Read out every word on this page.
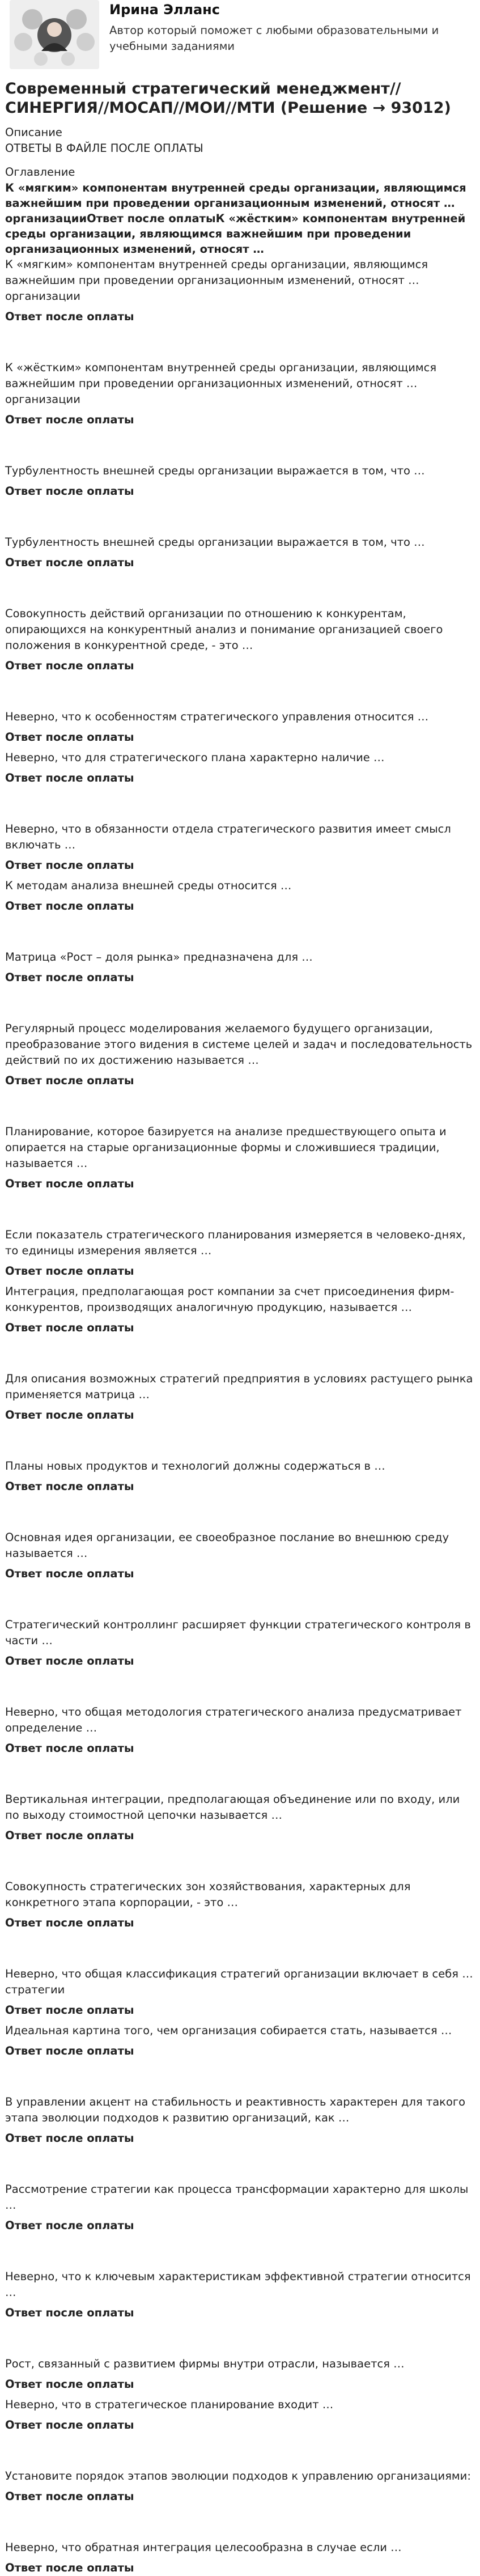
Ирина Элланс
Автор который поможет с любыми образовательными и учебными заданиями
Современный стратегический менеджмент//СИНЕРГИЯ//МОСАП//МОИ//МТИ (Решение → 93012)

Описание

ОТВЕТЫ В ФАЙЛЕ ПОСЛЕ ОПЛАТЫ

Оглавление

К «мягким» компонентам внутренней среды организации, являющимся важнейшим при проведении организационным изменений, относят … организацииОтвет после оплатыК «жёстким» компонентам внутренней среды организации, являющимся важнейшим при проведении организационных изменений, относят …

К «мягким» компонентам внутренней среды организации, являющимся важнейшим при проведении организационным изменений, относят … организации

Ответ после оплаты

К «жёстким» компонентам внутренней среды организации, являющимся важнейшим при проведении организационных изменений, относят … организации

Ответ после оплаты

Турбулентность внешней среды организации выражается в том, что …

Ответ после оплаты

Турбулентность внешней среды организации выражается в том, что …

Ответ после оплаты

Совокупность действий организации по отношению к конкурентам, опирающихся на конкурентный анализ и понимание организацией своего положения в конкурентной среде, - это …

Ответ после оплаты

Неверно, что к особенностям стратегического управления относится …

Ответ после оплаты

Неверно, что для стратегического плана характерно наличие …

Ответ после оплаты

Неверно, что в обязанности отдела стратегического развития имеет смысл включать …

Ответ после оплаты

К методам анализа внешней среды относится …

Ответ после оплаты

Матрица «Рост – доля рынка» предназначена для …

Ответ после оплаты

Регулярный процесс моделирования желаемого будущего организации, преобразование этого видения в системе целей и задач и последовательность действий по их достижению называется …

Ответ после оплаты

Планирование, которое базируется на анализе предшествующего опыта и опирается на старые организационные формы и сложившиеся традиции, называется …

Ответ после оплаты

Если показатель стратегического планирования измеряется в человеко-днях, то единицы измерения является …

Ответ после оплаты

Интеграция, предполагающая рост компании за счет присоединения фирм-конкурентов, производящих аналогичную продукцию, называется …

Ответ после оплаты

Для описания возможных стратегий предприятия в условиях растущего рынка применяется матрица …

Ответ после оплаты

Планы новых продуктов и технологий должны содержаться в …

Ответ после оплаты

Основная идея организации, ее своеобразное послание во внешнюю среду называется …

Ответ после оплаты

Стратегический контроллинг расширяет функции стратегического контроля в части …

Ответ после оплаты

Неверно, что общая методология стратегического анализа предусматривает определение …

Ответ после оплаты

Вертикальная интеграции, предполагающая объединение или по входу, или по выходу стоимостной цепочки называется …

Ответ после оплаты

Совокупность стратегических зон хозяйствования, характерных для конкретного этапа корпорации, - это …

Ответ после оплаты

Неверно, что общая классификация стратегий организации включает в себя … стратегии

Ответ после оплаты

Идеальная картина того, чем организация собирается стать, называется …

Ответ после оплаты

В управлении акцент на стабильность и реактивность характерен для такого этапа эволюции подходов к развитию организаций, как …

Ответ после оплаты

Рассмотрение стратегии как процесса трансформации характерно для школы …

Ответ после оплаты

Неверно, что к ключевым характеристикам эффективной стратегии относится …

Ответ после оплаты

Рост, связанный с развитием фирмы внутри отрасли, называется …

Ответ после оплаты

Неверно, что в стратегическое планирование входит …

Ответ после оплаты

Установите порядок этапов эволюции подходов к управлению организациями:

Ответ после оплаты

Неверно, что обратная интеграция целесообразна в случае если …

Ответ после оплаты
